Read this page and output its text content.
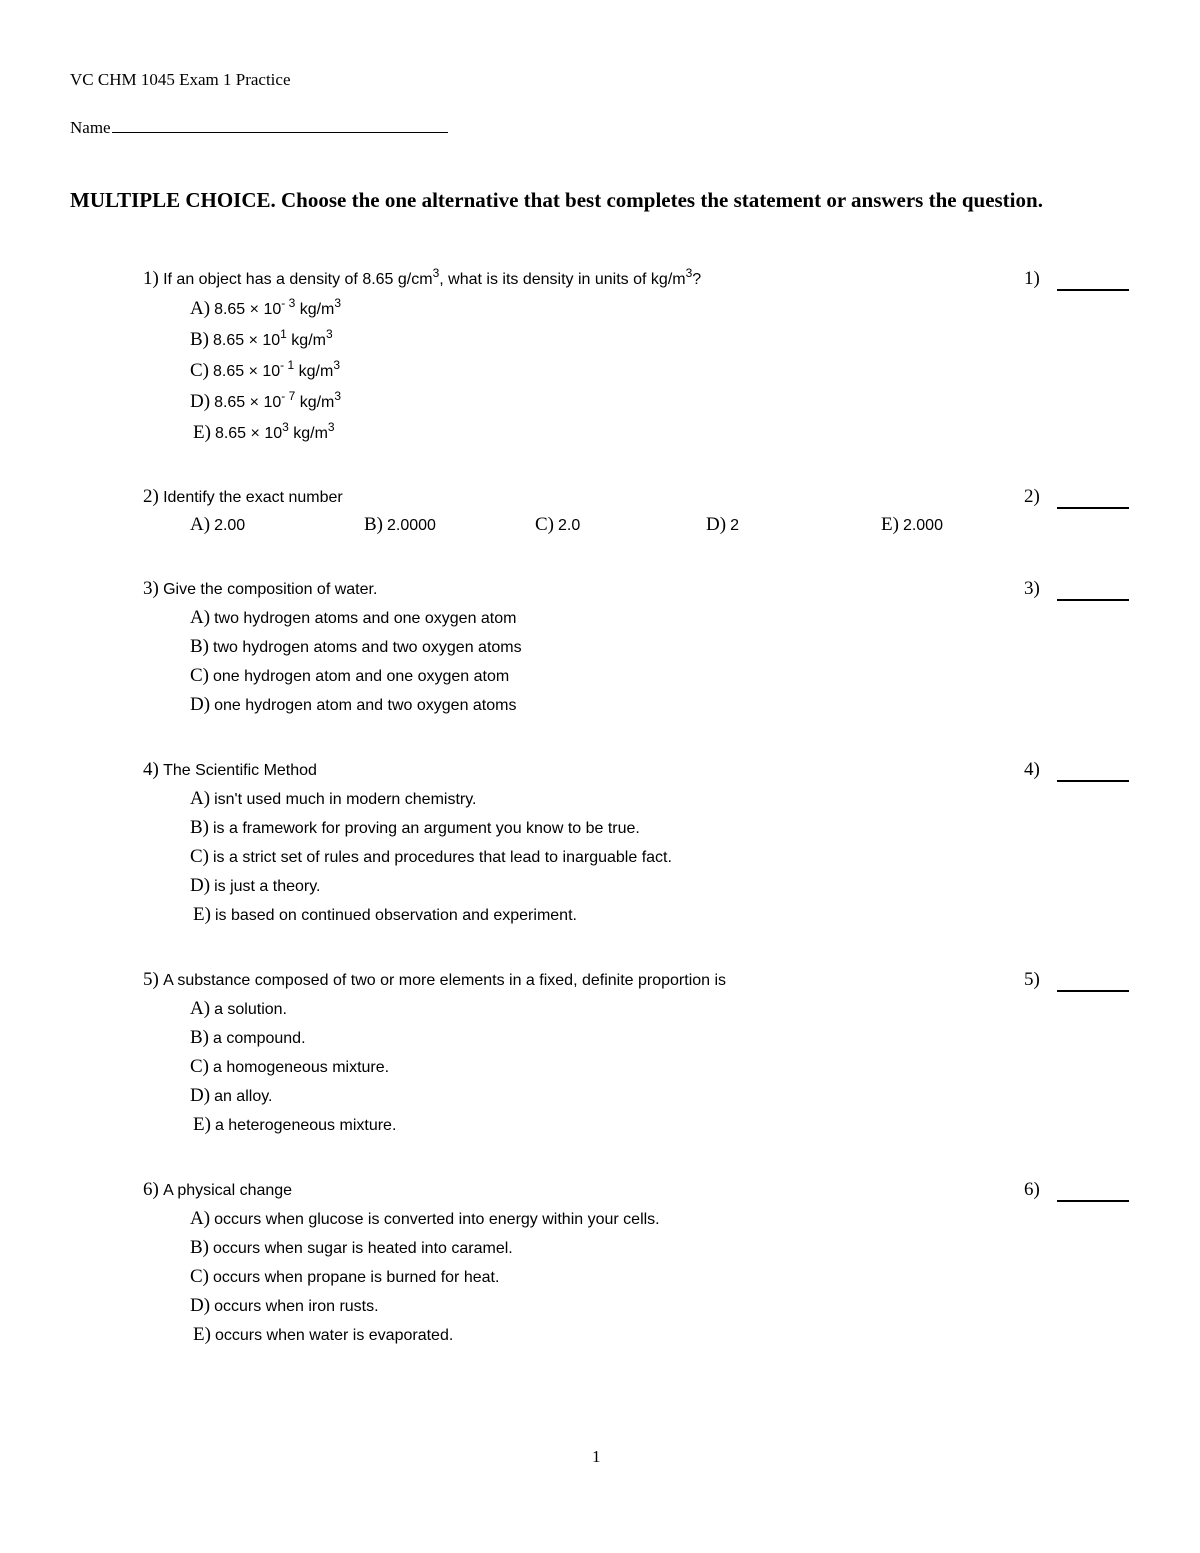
VC CHM 1045 Exam 1 Practice
Name
MULTIPLE CHOICE. Choose the one alternative that best completes the statement or answers the question.
1) If an object has a density of 8.65 $g/cm^3$, what is its density in units of $kg/m^3$?	1)
A) $8.65 \times 10^{- 3}$ $kg/m^3$
B) $8.65 \times 10^1$ $kg/m^3$
C) $8.65 \times 10^{- 1}$ $kg/m^3$
D) $8.65 \times 10^{- 7}$ $kg/m^3$
E) $8.65 \times 10^3$ $kg/m^3$
2) Identify the exact number	2)
A) 2.00	B) 2.0000	C) 2.0	D) 2	E) 2.000
3) Give the composition of water.	3)
A) two hydrogen atoms and one oxygen atom
B) two hydrogen atoms and two oxygen atoms
C) one hydrogen atom and one oxygen atom
D) one hydrogen atom and two oxygen atoms
4) The Scientific Method	4)
A) isn't used much in modern chemistry.
B) is a framework for proving an argument you know to be true.
C) is a strict set of rules and procedures that lead to inarguable fact.
D) is just a theory.
E) is based on continued observation and experiment.
5) A substance composed of two or more elements in a fixed, definite proportion is	5)
A) a solution.
B) a compound.
C) a homogeneous mixture.
D) an alloy.
E) a heterogeneous mixture.
6) A physical change	6)
A) occurs when glucose is converted into energy within your cells.
B) occurs when sugar is heated into caramel.
C) occurs when propane is burned for heat.
D) occurs when iron rusts.
E) occurs when water is evaporated.
1
